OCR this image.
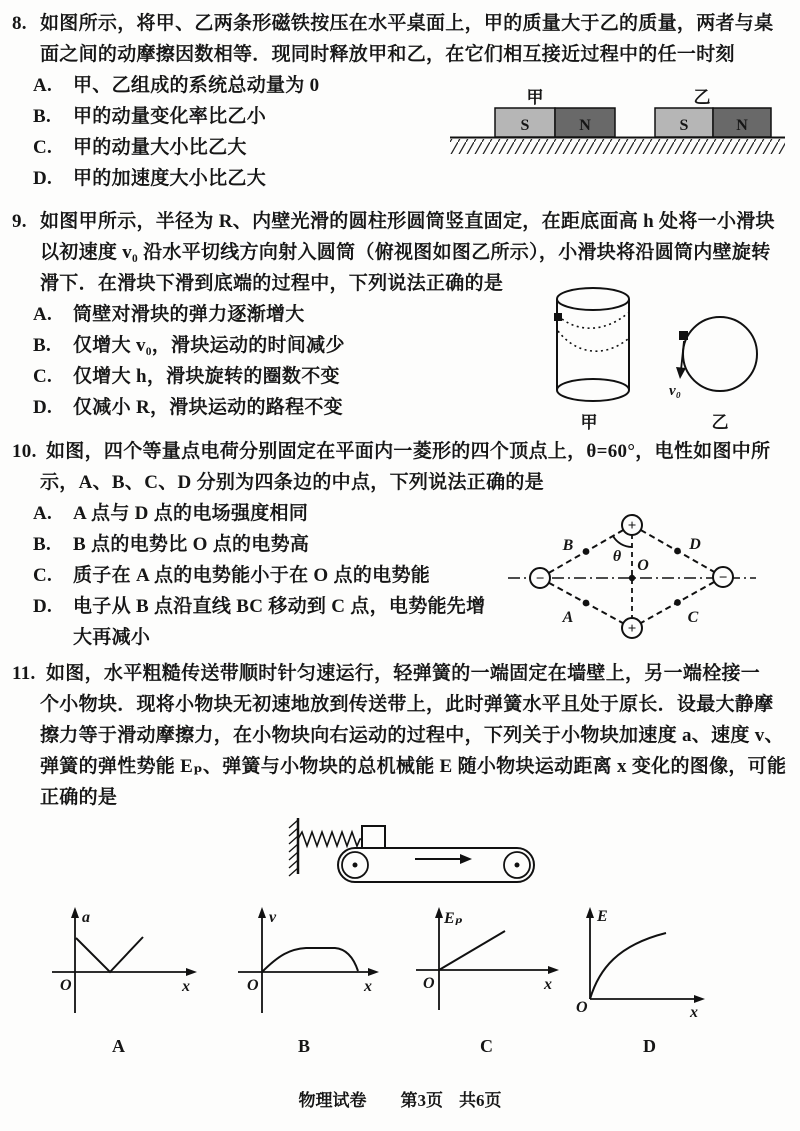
8. 如图所示，将甲、乙两条形磁铁按压在水平桌面上，甲的质量大于乙的质量，两者与桌
面之间的动摩擦因数相等．现同时释放甲和乙，在它们相互接近过程中的任一时刻
A. 甲、乙组成的系统总动量为 0
B. 甲的动量变化率比乙小
C. 甲的动量大小比乙大
D. 甲的加速度大小比乙大
甲	乙
S	N	S	N
9. 如图甲所示，半径为 R、内壁光滑的圆柱形圆筒竖直固定，在距底面高 h 处将一小滑块
以初速度 v₀ 沿水平切线方向射入圆筒（俯视图如图乙所示），小滑块将沿圆筒内壁旋转
滑下．在滑块下滑到底端的过程中，下列说法正确的是
A. 筒壁对滑块的弹力逐渐增大
B. 仅增大 v₀，滑块运动的时间减少
C. 仅增大 h，滑块旋转的圈数不变
D. 仅减小 R，滑块运动的路程不变
甲
v₀
乙
10. 如图，四个等量点电荷分别固定在平面内一菱形的四个顶点上，θ=60°，电性如图中所
示，A、B、C、D 分别为四条边的中点，下列说法正确的是
A. A 点与 D 点的电场强度相同
B. B 点的电势比 O 点的电势高
C. 质子在 A 点的电势能小于在 O 点的电势能
D. 电子从 B 点沿直线 BC 移动到 C 点，电势能先增
大再减小
+
+
−	−
θ
O
B	D
A	C
11. 如图，水平粗糙传送带顺时针匀速运行，轻弹簧的一端固定在墙壁上，另一端栓接一
个小物块．现将小物块无初速地放到传送带上，此时弹簧水平且处于原长．设最大静摩
擦力等于滑动摩擦力，在小物块向右运动的过程中，下列关于小物块加速度 a、速度 v、
弹簧的弹性势能 Eₚ、弹簧与小物块的总机械能 E 随小物块运动距离 x 变化的图像，可能
正确的是
a
x
O
A
v
x
O
B
Eₚ
x
O
C
E
x
O
D
物理试卷 第3页 共6页
